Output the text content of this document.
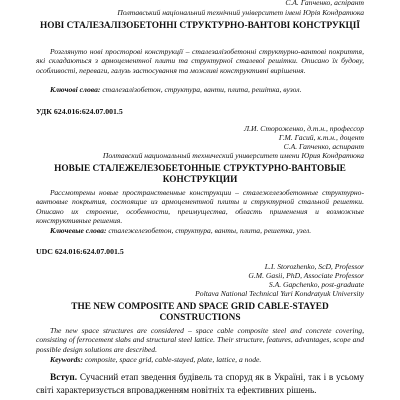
С.А. Гапченко, аспірант
Полтавський національний технічний університет імені Юрія Кондратюка
НОВІ СТАЛЕЗАЛІЗОБЕТОННІ СТРУКТУРНО-ВАНТОВІ КОНСТРУКЦІЇ
Розглянуто нові просторові конструкції – сталезалізобетонні структурно-вантові покриття, які складаються з армоцементної плити та структурної сталевої решітки. Описано їх будову, особливості, переваги, галузь застосування та можливі конструктивні вирішення.
Ключові слова: сталезалізобетон, структура, ванти, плита, решітка, вузол.
УДК 624.016:624.07.001.5
Л.И. Стороженко, д.т.н., профессор
Г.М. Гасий, к.т.н., доцент
С.А. Гапченко, аспирант
Полтавский национальный технический университет имени Юрия Кондратюка
НОВЫЕ СТАЛЕЖЕЛЕЗОБЕТОННЫЕ СТРУКТУРНО-ВАНТОВЫЕ КОНСТРУКЦИИ
Рассмотрены новые пространственные конструкции – сталежелезобетонные структурно-вантовые покрытия, состоящие из армоцементной плиты и структурной стальной решетки. Описано их строение, особенности, преимущества, область применения и возможные конструктивные решения.
Ключевые слова: сталежелезобетон, структура, ванты, плита, решетка, узел.
UDC 624.016:624.07.001.5
L.I. Storozhenko, ScD, Professor
G.M. Gasii, PhD, Associate Professor
S.A. Gapchenko, post-graduate
Poltava National Technical Yuri Kondratyuk University
THE NEW COMPOSITE AND SPACE GRID CABLE-STAYED CONSTRUCTIONS
The new space structures are considered – space cable composite steel and concrete covering, consisting of ferrocement slabs and structural steel lattice. Their structure, features, advantages, scope and possible design solutions are described.
Keywords: composite, space grid, cable-stayed, plate, lattice, a node.
Вступ. Сучасний етап зведення будівель та споруд як в Україні, так і в усьому світі характеризується впровадженням новітніх та ефективних рішень.
